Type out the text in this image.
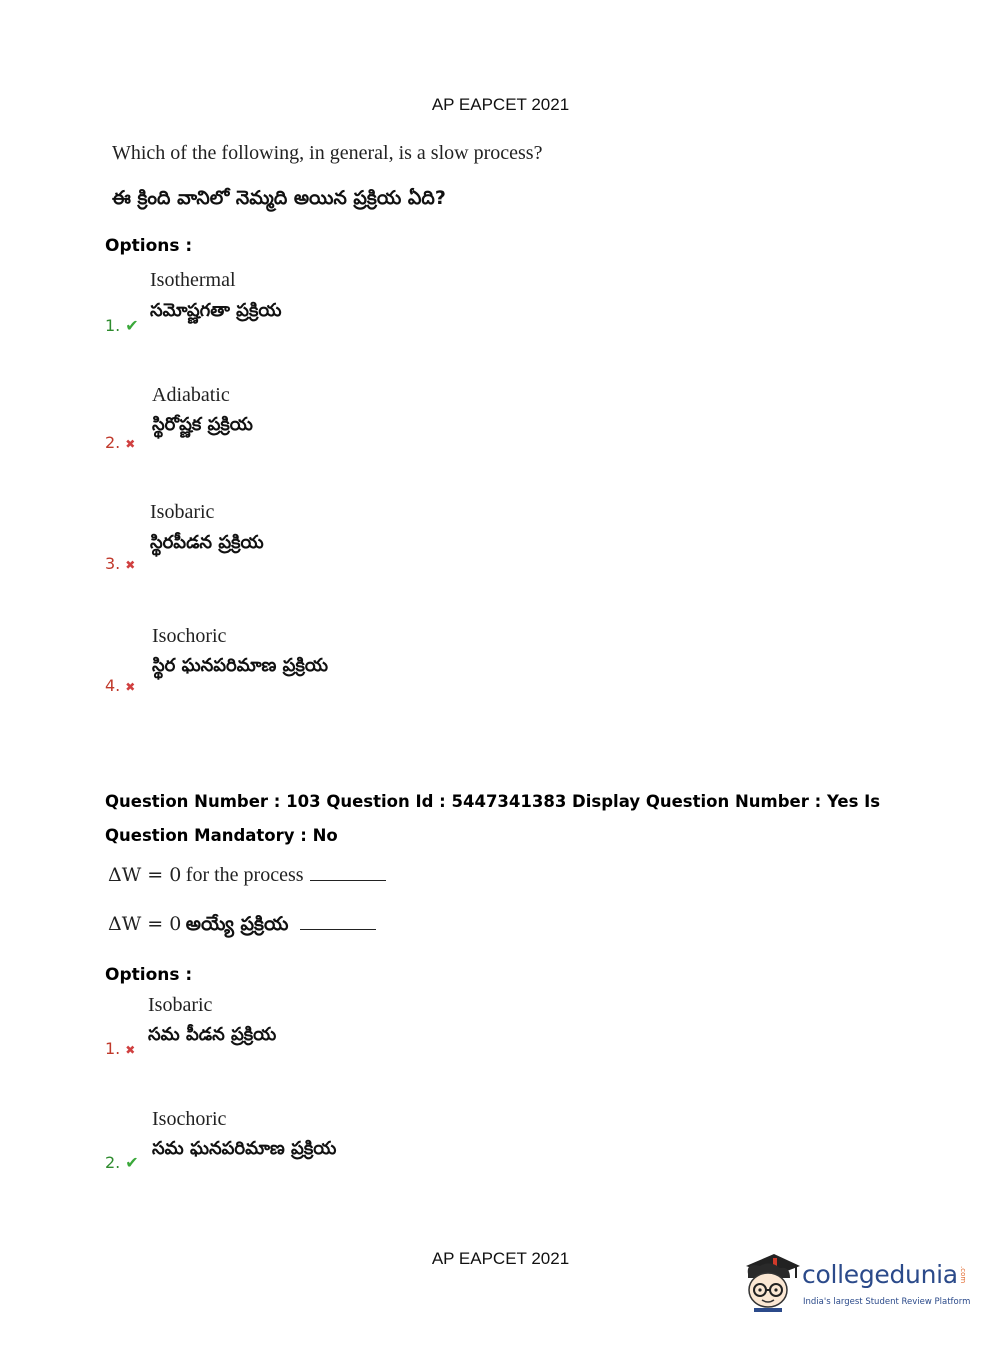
AP EAPCET 2021
Which of the following, in general, is a slow process?
ఈ క్రింది వానిలో నెమ్మది అయిన ప్రక్రియ ఏది?
Options :
Isothermal
సమోష్ణగతా ప్రక్రియ
1. ✔
Adiabatic
స్థిరోష్ణక ప్రక్రియ
2. ✖
Isobaric
స్థిరపీడన ప్రక్రియ
3. ✖
Isochoric
స్థిర ఘనపరిమాణ ప్రక్రియ
4. ✖
Question Number : 103 Question Id : 5447341383 Display Question Number : Yes Is Question Mandatory : No
ΔW = 0 for the process
ΔW = 0 అయ్యే ప్రక్రియ
Options :
Isobaric
సమ పీడన ప్రక్రియ
1. ✖
Isochoric
సమ ఘనపరిమాణ ప్రక్రియ
2. ✔
AP EAPCET 2021
collegedunia .com
India's largest Student Review Platform
